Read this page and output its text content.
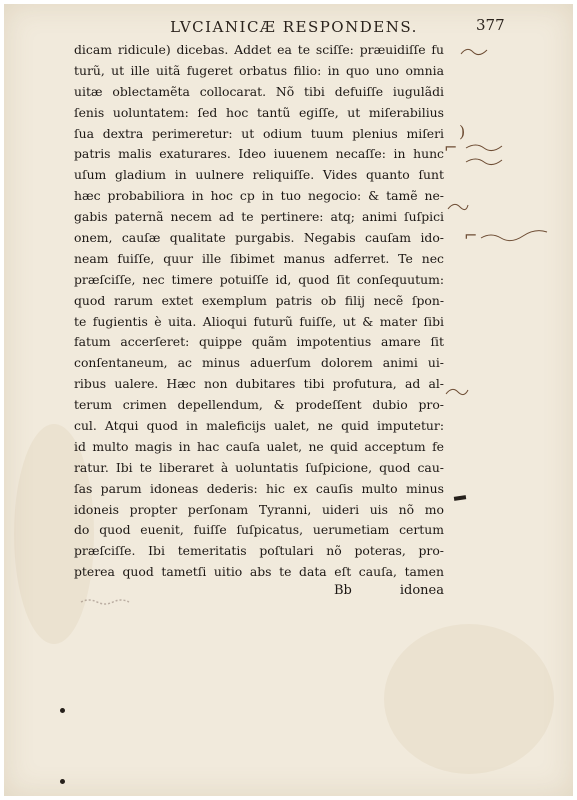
LVCIANICÆ RESPONDENS.	377
dicam ridicule) dicebas. Addet ea te sciſſe: præuidiſſe fu
turũ, ut ille uitã fugeret orbatus filio: in quo uno omnia
uitæ oblectamẽta collocarat. Nõ tibi defuiſſe iugulãdi
ſenis uoluntatem: ſed hoc tantũ egiſſe, ut miſerabilius
ſua dextra perimeretur: ut odium tuum plenius miſeri
patris malis exaturares. Ideo iuuenem necaſſe: in hunc
uſum gladium in uulnere reliquiſſe. Vides quanto ſunt
hæc probabiliora in hoc cp in tuo negocio: & tamẽ ne-
gabis paternã necem ad te pertinere: atq; animi ſuſpici
onem, cauſæ qualitate purgabis. Negabis cauſam ido-
neam fuiſſe, quur ille ſibimet manus adferret. Te nec
præſciſſe, nec timere potuiſſe id, quod ſit conſequutum:
quod rarum extet exemplum patris ob filij necẽ ſpon-
te fugientis è uita. Alioqui futurũ fuiſſe, ut & mater ſibi
fatum accerſeret: quippe quãm impotentius amare ſit
conſentaneum, ac minus aduerſum dolorem animi ui-
ribus ualere. Hæc non dubitares tibi profutura, ad al-
terum crimen depellendum, & prodeſſent dubio pro-
cul. Atqui quod in maleficijs ualet, ne quid imputetur:
id multo magis in hac cauſa ualet, ne quid acceptum fe
ratur. Ibi te liberaret à uoluntatis ſuſpicione, quod cau-
ſas parum idoneas dederis: hic ex cauſis multo minus
idoneis propter perſonam Tyranni, uideri uis nõ mo
do quod euenit, fuiſſe ſuſpicatus, uerumetiam certum
præſciſſe. Ibi temeritatis poſtulari nõ poteras, pro-
pterea quod tametſi uitio abs te data eſt cauſa, tamen
Bb	idonea
)
⌐
⌐
